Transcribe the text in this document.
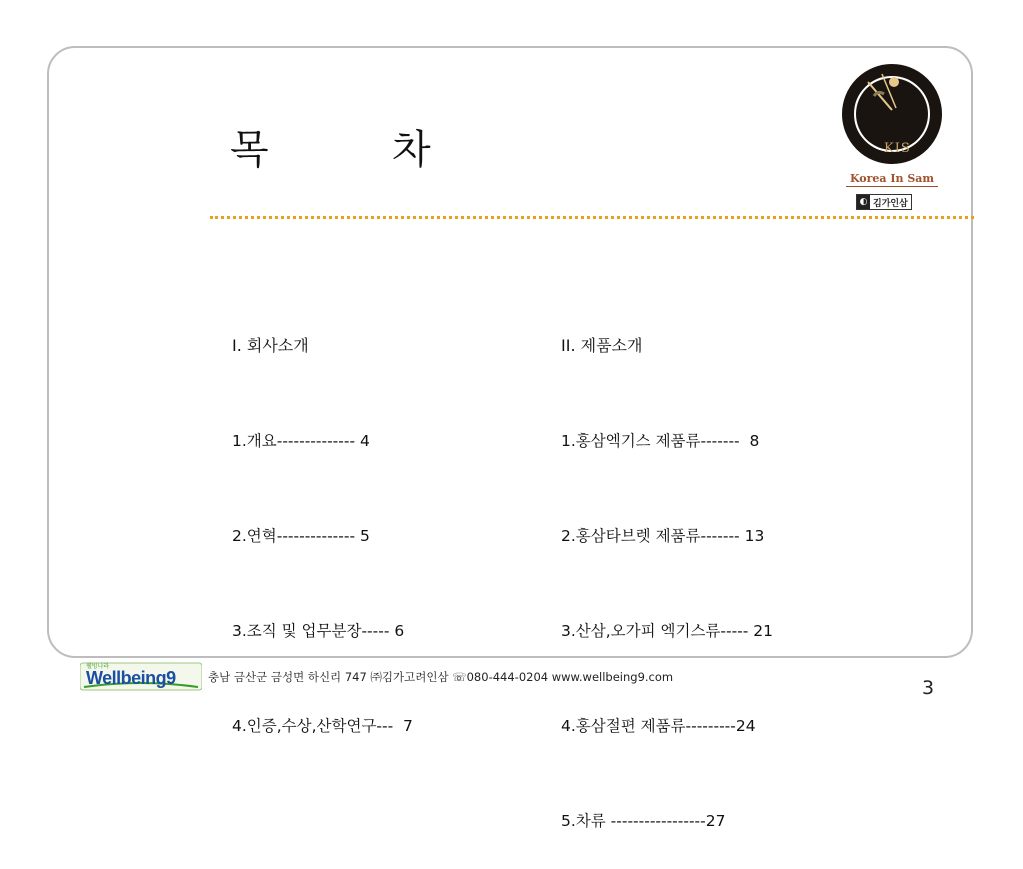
목	차	KIS
Korea In Sam
◐ 김가인삼

I. 회사소개

1.개요-------------- 4

2.연혁-------------- 5

3.조직 및 업무분장----- 6

4.인증,수상,산학연구---  7

II. 제품소개

1.홍삼엑기스 제품류-------  8

2.홍삼타브렛 제품류------- 13

3.산삼,오가피 엑기스류----- 21

4.홍삼절편 제품류---------24

5.차류 -----------------27

웰빙나라
Wellbeing9	충남 금산군 금성면 하신리 747 ㈜김가고려인삼 ☏080-444-0204 www.wellbeing9.com	3
